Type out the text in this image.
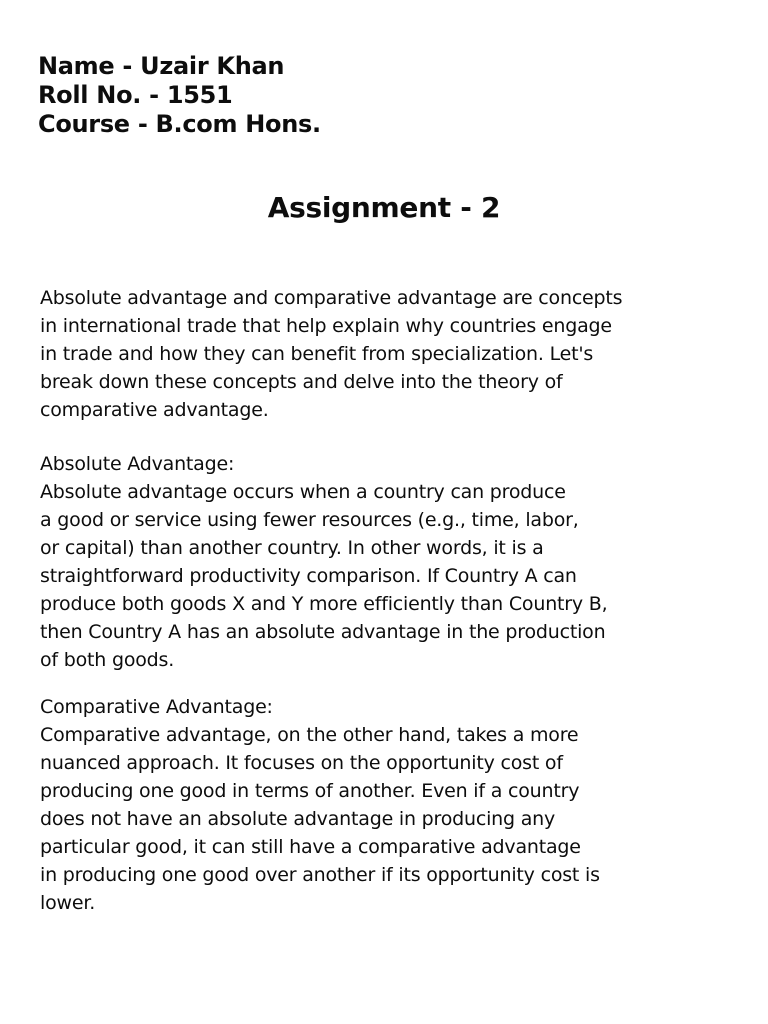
Name - Uzair Khan
Roll No. - 1551
Course - B.com Hons.
Assignment - 2
Absolute advantage and comparative advantage are concepts
in international trade that help explain why countries engage
in trade and how they can benefit from specialization. Let's
break down these concepts and delve into the theory of
comparative advantage.
Absolute Advantage:
Absolute advantage occurs when a country can produce
a good or service using fewer resources (e.g., time, labor,
or capital) than another country. In other words, it is a
straightforward productivity comparison. If Country A can
produce both goods X and Y more efficiently than Country B,
then Country A has an absolute advantage in the production
of both goods.
Comparative Advantage:
Comparative advantage, on the other hand, takes a more
nuanced approach. It focuses on the opportunity cost of
producing one good in terms of another. Even if a country
does not have an absolute advantage in producing any
particular good, it can still have a comparative advantage
in producing one good over another if its opportunity cost is
lower.
